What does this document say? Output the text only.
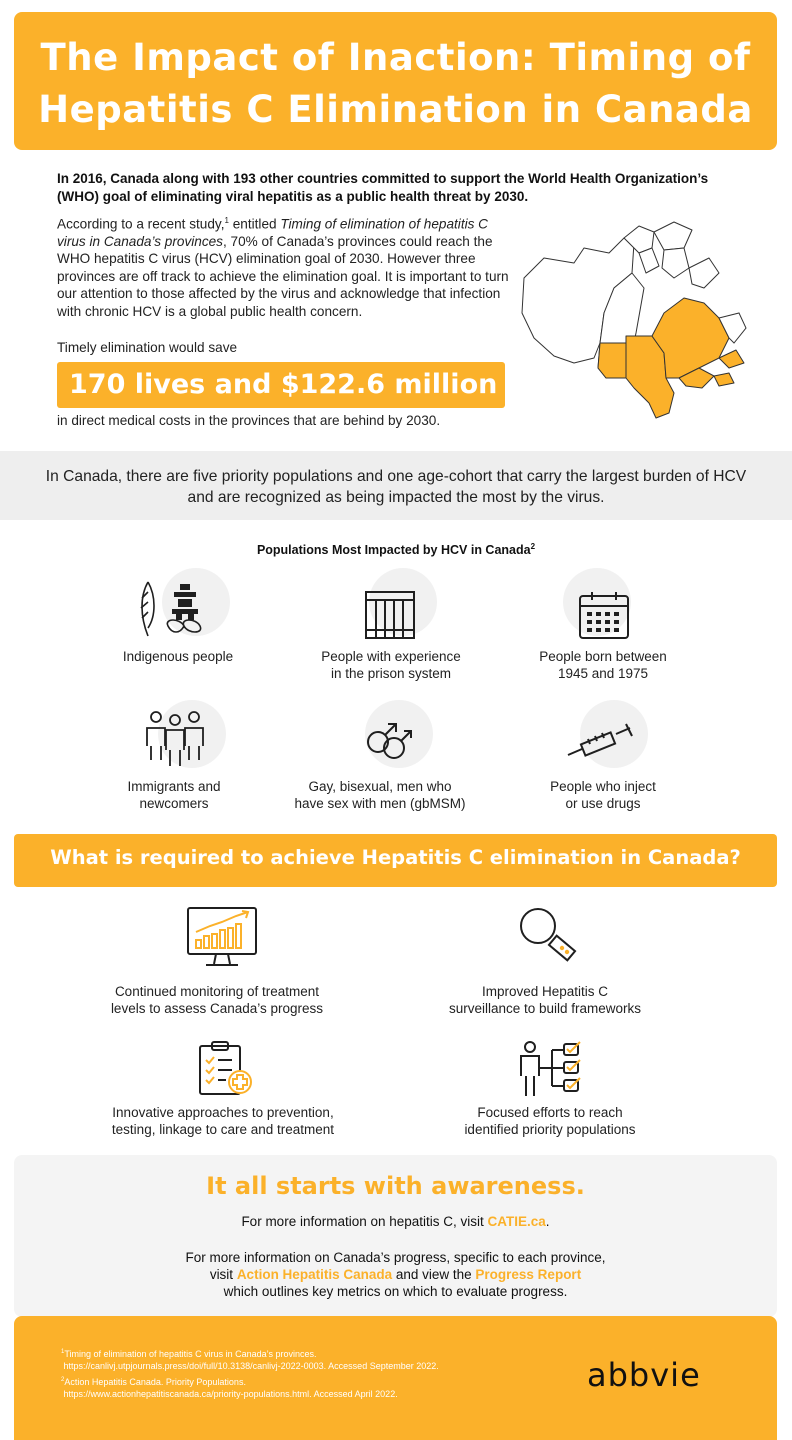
The Impact of Inaction: Timing of
Hepatitis C Elimination in Canada
In 2016, Canada along with 193 other countries committed to support the World Health Organization’s (WHO) goal of eliminating viral hepatitis as a public health threat by 2030.
According to a recent study,$^1$ entitled Timing of elimination of hepatitis C virus in Canada’s provinces, 70% of Canada’s provinces could reach the WHO hepatitis C virus (HCV) elimination goal of 2030. However three provinces are off track to achieve the elimination goal. It is important to turn our attention to those affected by the virus and acknowledge that infection with chronic HCV is a global public health concern.
Timely elimination would save
170 lives and $122.6 million
in direct medical costs in the provinces that are behind by 2030.

In Canada, there are five priority populations and one age-cohort that carry the largest burden of HCV and are recognized as being impacted the most by the virus.

Populations Most Impacted by HCV in Canada$^2$
Indigenous people	People with experience
in the prison system
People born between
1945 and 1975
Immigrants and
newcomers
Gay, bisexual, men who
have sex with men (gbMSM)
People who inject
or use drugs
What is required to achieve Hepatitis C elimination in Canada?
Continued monitoring of treatment
levels to assess Canada’s progress
Improved Hepatitis C
surveillance to build frameworks
Innovative approaches to prevention,
testing, linkage to care and treatment
Focused efforts to reach
identified priority populations
It all starts with awareness.

For more information on hepatitis C, visit CATIE.ca.

For more information on Canada’s progress, specific to each province,
visit Action Hepatitis Canada and view the Progress Report
which outlines key metrics on which to evaluate progress.

$^1$Timing of elimination of hepatitis C virus in Canada’s provinces.
https://canlivj.utpjournals.press/doi/full/10.3138/canlivj-2022-0003. Accessed September 2022.
$^2$Action Hepatitis Canada. Priority Populations.
https://www.actionhepatitiscanada.ca/priority-populations.html. Accessed April 2022.	abbvie
